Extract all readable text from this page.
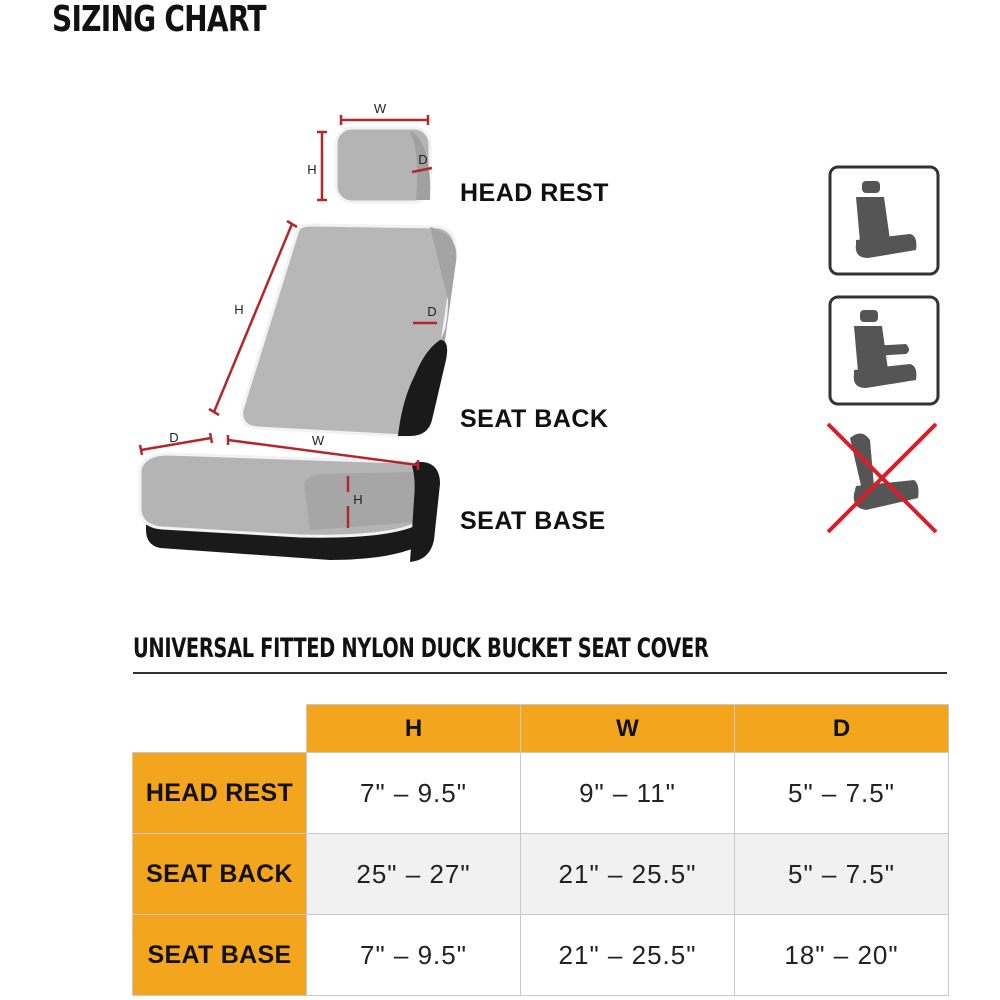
SIZING CHART
W
H
D
H	D
D	W
H
HEAD REST
SEAT BACK
SEAT BASE
UNIVERSAL FITTED NYLON DUCK BUCKET SEAT COVER
	H	W	D
HEAD REST	7" – 9.5"	9" – 11"	5" – 7.5"
SEAT BACK	25" – 27"	21" – 25.5"	5" – 7.5"
SEAT BASE	7" – 9.5"	21" – 25.5"	18" – 20"
